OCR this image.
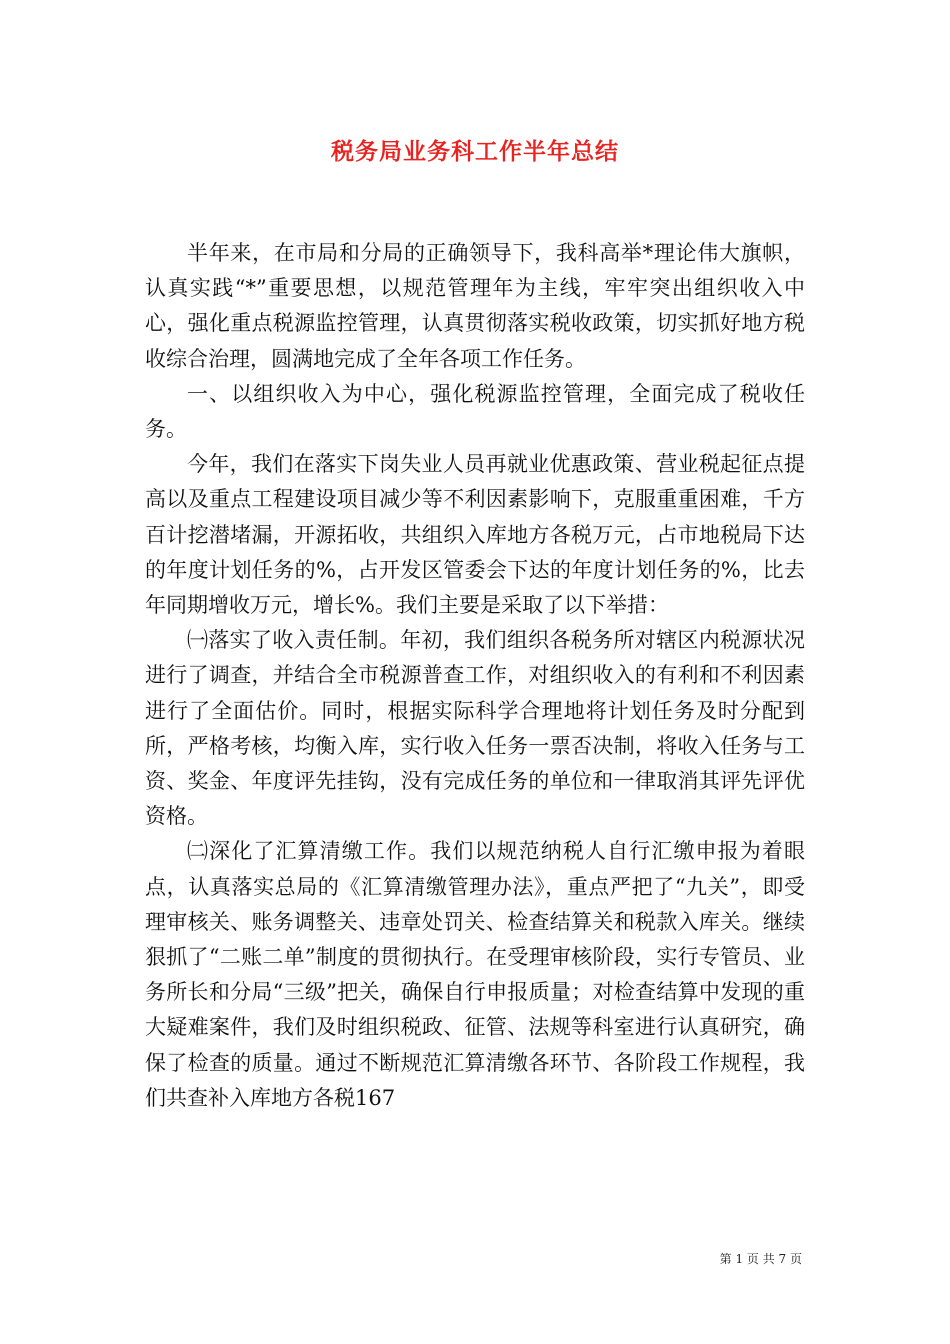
税务局业务科工作半年总结

半年来，在市局和分局的正确领导下，我科高举*理论伟大旗帜，认真实践“*”重要思想，以规范管理年为主线，牢牢突出组织收入中心，强化重点税源监控管理，认真贯彻落实税收政策，切实抓好地方税收综合治理，圆满地完成了全年各项工作任务。

一、以组织收入为中心，强化税源监控管理，全面完成了税收任务。

今年，我们在落实下岗失业人员再就业优惠政策、营业税起征点提高以及重点工程建设项目减少等不利因素影响下，克服重重困难，千方百计挖潜堵漏，开源拓收，共组织入库地方各税万元，占市地税局下达的年度计划任务的%，占开发区管委会下达的年度计划任务的%，比去年同期增收万元，增长%。我们主要是采取了以下举措：

㈠落实了收入责任制。年初，我们组织各税务所对辖区内税源状况进行了调查，并结合全市税源普查工作，对组织收入的有利和不利因素进行了全面估价。同时，根据实际科学合理地将计划任务及时分配到所，严格考核，均衡入库，实行收入任务一票否决制，将收入任务与工资、奖金、年度评先挂钩，没有完成任务的单位和一律取消其评先评优资格。

㈡深化了汇算清缴工作。我们以规范纳税人自行汇缴申报为着眼点，认真落实总局的《汇算清缴管理办法》，重点严把了“九关”，即受理审核关、账务调整关、违章处罚关、检查结算关和税款入库关。继续狠抓了“二账二单”制度的贯彻执行。在受理审核阶段，实行专管员、业务所长和分局“三级”把关，确保自行申报质量；对检查结算中发现的重大疑难案件，我们及时组织税政、征管、法规等科室进行认真研究，确保了检查的质量。通过不断规范汇算清缴各环节、各阶段工作规程，我们共查补入库地方各税167

第 1 页 共 7 页
